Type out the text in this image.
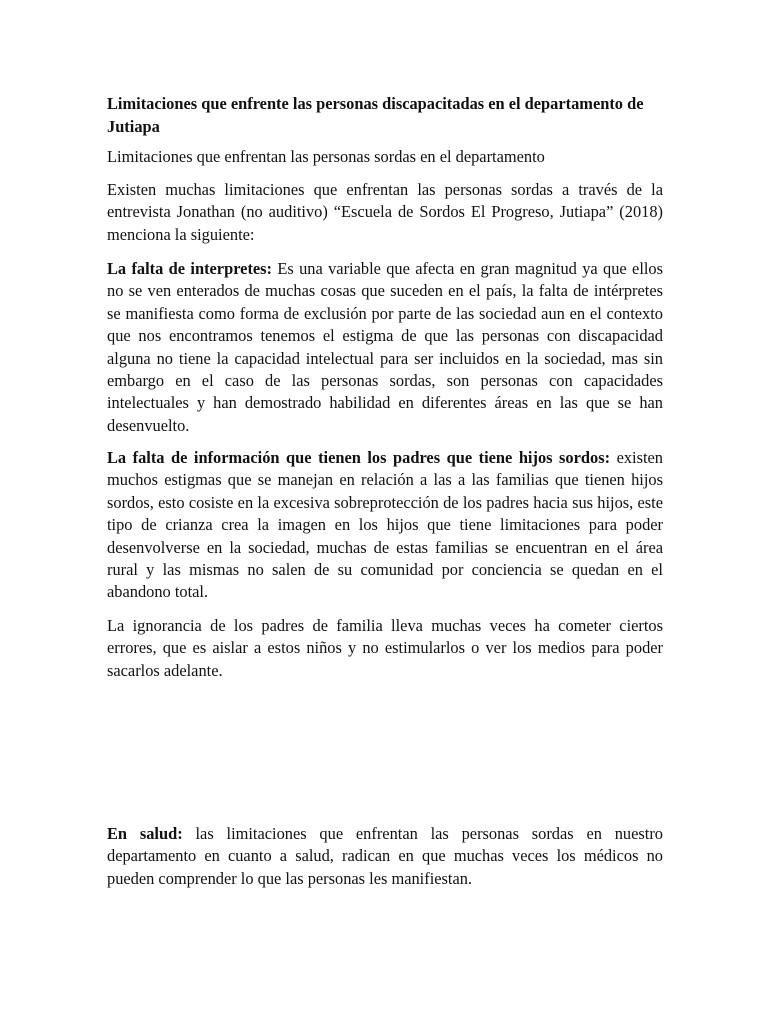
Limitaciones que enfrente las personas discapacitadas en el departamento de Jutiapa

Limitaciones que enfrentan las personas sordas en el departamento

Existen muchas limitaciones que enfrentan las personas sordas a través de la entrevista Jonathan (no auditivo) “Escuela de Sordos El Progreso, Jutiapa” (2018) menciona la siguiente:

La falta de interpretes: Es una variable que afecta en gran magnitud ya que ellos no se ven enterados de muchas cosas que suceden en el país, la falta de intérpretes se manifiesta como forma de exclusión por parte de las sociedad aun en el contexto que nos encontramos tenemos el estigma de que las personas con discapacidad alguna no tiene la capacidad intelectual para ser incluidos en la sociedad, mas sin embargo en el caso de las personas sordas, son personas con capacidades intelectuales y han demostrado habilidad en diferentes áreas en las que se han desenvuelto.

La falta de información que tienen los padres que tiene hijos sordos: existen muchos estigmas que se manejan en relación a las a las familias que tienen hijos sordos, esto cosiste en la excesiva sobreprotección de los padres hacia sus hijos, este tipo de crianza crea la imagen en los hijos que tiene limitaciones para poder desenvolverse en la sociedad, muchas de estas familias se encuentran en el área rural y las mismas no salen de su comunidad por conciencia se quedan en el abandono total.

La ignorancia de los padres de familia lleva muchas veces ha cometer ciertos errores, que es aislar a estos niños y no estimularlos o ver los medios para poder sacarlos adelante.

En salud: las limitaciones que enfrentan las personas sordas en nuestro departamento en cuanto a salud, radican en que muchas veces los médicos no pueden comprender lo que las personas les manifiestan.
